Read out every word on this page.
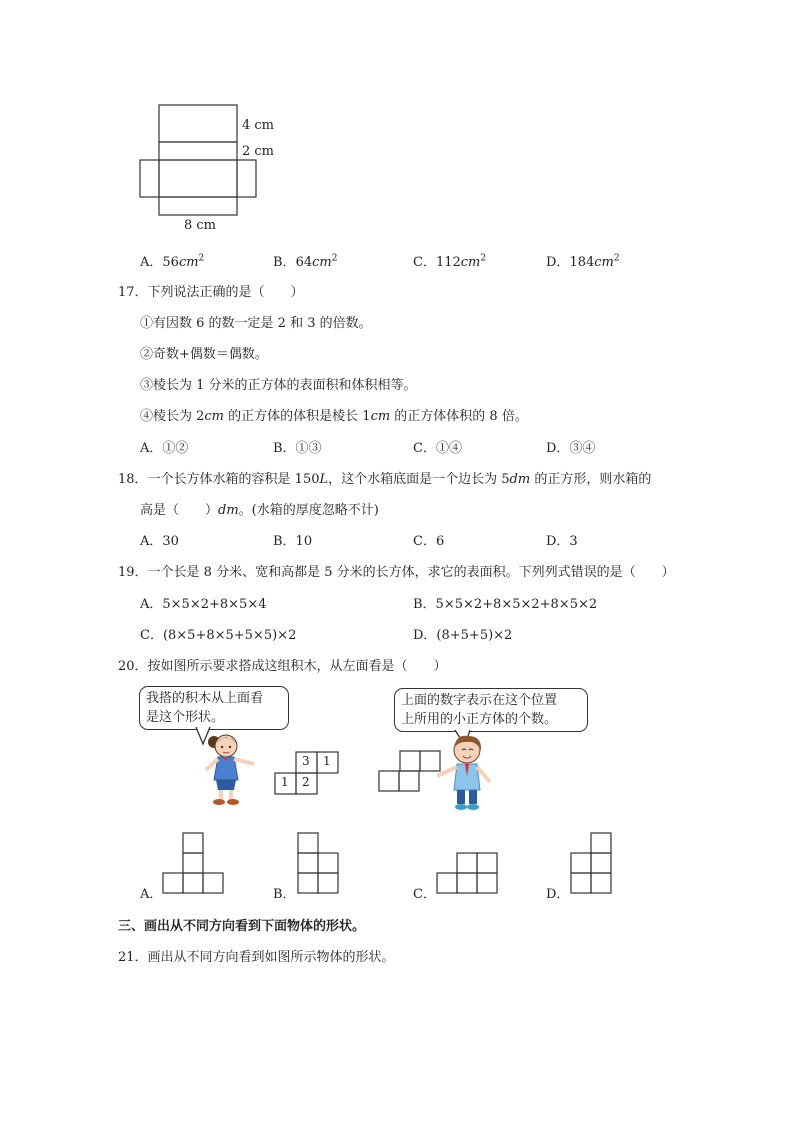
4 cm
2 cm
8 cm
A．$56cm^2$	B．$64cm^2$	C．$112cm^2$	D．$184cm^2$
17．下列说法正确的是（　　）
①有因数 6 的数一定是 2 和 3 的倍数。
②奇数+偶数＝偶数。
③棱长为 1 分米的正方体的表面积和体积相等。
④棱长为 2cm 的正方体的体积是棱长 1cm 的正方体体积的 8 倍。
A．①②	B．①③	C．①④	D．③④
18．一个长方体水箱的容积是 150L，这个水箱底面是一个边长为 5dm 的正方形，则水箱的
高是（　　）dm。(水箱的厚度忽略不计)
A．30	B．10	C．6	D．3
19．一个长是 8 分米、宽和高都是 5 分米的长方体，求它的表面积。下列列式错误的是（　　）
A．5×5×2+8×5×4	B．5×5×2+8×5×2+8×5×2
C．(8×5+8×5+5×5)×2	D．(8+5+5)×2
20．按如图所示要求搭成这组积木，从左面看是（　　）
我搭的积木从上面看
是这个形状。
上面的数字表示在这个位置
上所用的小正方体的个数。
3 1
1 2
A．	B．	C．	D．
三、画出从不同方向看到下面物体的形状。
21．画出从不同方向看到如图所示物体的形状。
